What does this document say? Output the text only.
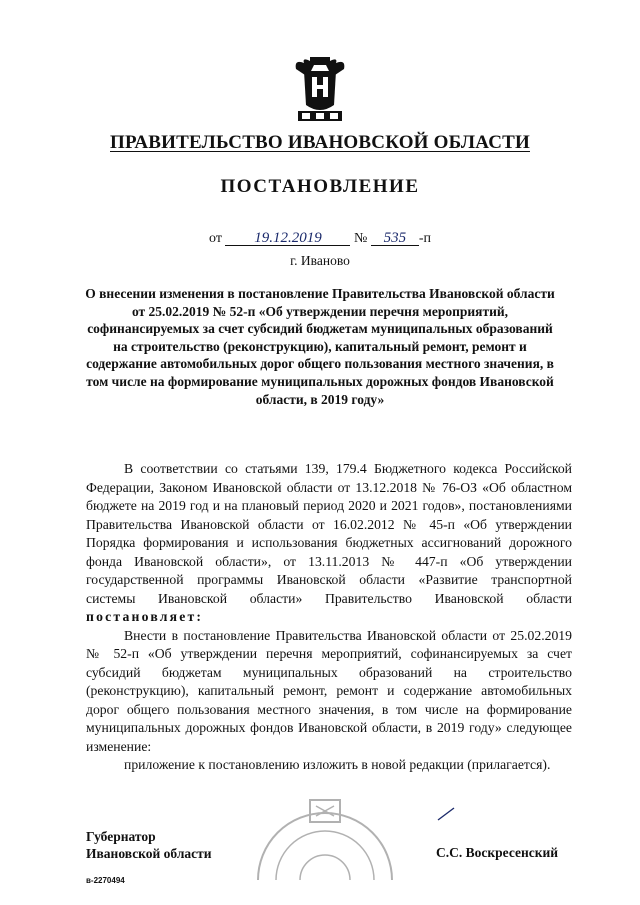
ПРАВИТЕЛЬСТВО ИВАНОВСКОЙ ОБЛАСТИ
ПОСТАНОВЛЕНИЕ
от 19.12.2019 № 535 -п
г. Иваново
О внесении изменения в постановление Правительства Ивановской области от 25.02.2019 № 52-п «Об утверждении перечня мероприятий, софинансируемых за счет субсидий бюджетам муниципальных образований на строительство (реконструкцию), капитальный ремонт, ремонт и содержание автомобильных дорог общего пользования местного значения, в том числе на формирование муниципальных дорожных фондов Ивановской области, в 2019 году»

В соответствии со статьями 139, 179.4 Бюджетного кодекса Российской Федерации, Законом Ивановской области от 13.12.2018 № 76-ОЗ «Об областном бюджете на 2019 год и на плановый период 2020 и 2021 годов», постановлениями Правительства Ивановской области от 16.02.2012 № 45-п «Об утверждении Порядка формирования и использования бюджетных ассигнований дорожного фонда Ивановской области», от 13.11.2013 № 447-п «Об утверждении государственной программы Ивановской области «Развитие транспортной системы Ивановской области» Правительство Ивановской области постановляет:

Внести в постановление Правительства Ивановской области от 25.02.2019 № 52-п «Об утверждении перечня мероприятий, софинансируемых за счет субсидий бюджетам муниципальных образований на строительство (реконструкцию), капитальный ремонт, ремонт и содержание автомобильных дорог общего пользования местного значения, в том числе на формирование муниципальных дорожных фондов Ивановской области, в 2019 году» следующее изменение:

приложение к постановлению изложить в новой редакции (прилагается).

Губернатор
Ивановской области	С.С. Воскресенский
в-2270494
